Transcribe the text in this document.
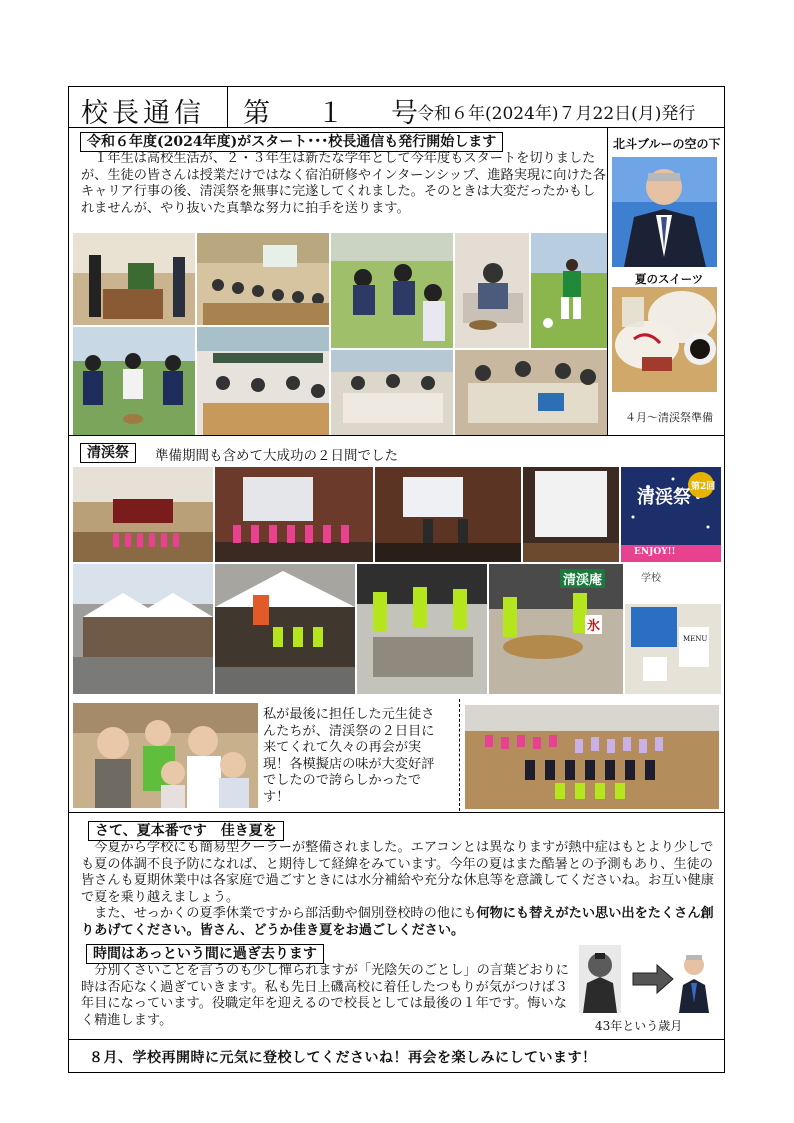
校長通信 第　１　号
令和６年(2024年)７月22日(月)発行
令和６年度(2024年度)がスタート･･･校長通信も発行開始します
　１年生は高校生活が、２・３年生は新たな学年として今年度もスタートを切りましたが、生徒の皆さんは授業だけではなく宿泊研修やインターンシップ、進路実現に向けた各キャリア行事の後、清渓祭を無事に完遂してくれました。そのときは大変だったかもしれませんが、やり抜いた真摯な努力に拍手を送ります。
北斗ブルーの空の下
夏のスイーツ
４月～清渓祭準備
清渓祭	準備期間も含めて大成功の２日間でした
清渓祭 第2回
ENJOY!!
清渓庵	学校
氷
MENU
私が最後に担任した元生徒さんたちが、清渓祭の２日目に来てくれて久々の再会が実現！各模擬店の味が大変好評でしたので誇らしかったです！
さて、夏本番です　佳き夏を
　今夏から学校にも簡易型クーラーが整備されました。エアコンとは異なりますが熱中症はもとより少しでも夏の体調不良予防になれば、と期待して経緯をみています。今年の夏はまた酷暑との予測もあり、生徒の皆さんも夏期休業中は各家庭で過ごすときには水分補給や充分な休息等を意識してくださいね。お互い健康で夏を乗り越えましょう。
　また、せっかくの夏季休業ですから部活動や個別登校時の他にも何物にも替えがたい思い出をたくさん創りあげてください。皆さん、どうか佳き夏をお過ごしください。
時間はあっという間に過ぎ去ります
　分別くさいことを言うのも少し憚られますが「光陰矢のごとし」の言葉どおりに時は否応なく過ぎていきます。私も先日上磯高校に着任したつもりが気がつけば３年目になっています。役職定年を迎えるので校長としては最後の１年です。悔いなく精進します。	43年という歳月
８月、学校再開時に元気に登校してくださいね！再会を楽しみにしています！
